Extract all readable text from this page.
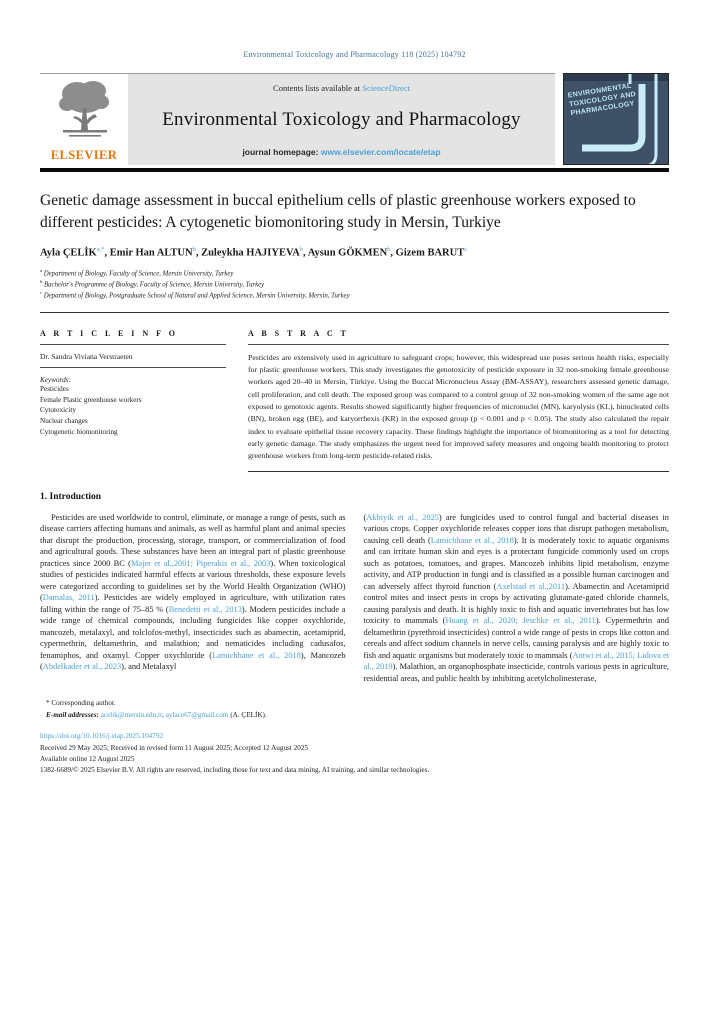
Environmental Toxicology and Pharmacology 118 (2025) 104792
ELSEVIER
Contents lists available at ScienceDirect
Environmental Toxicology and Pharmacology
journal homepage: www.elsevier.com/locate/etap
ENVIRONMENTAL TOXICOLOGY AND PHARMACOLOGY
Genetic damage assessment in buccal epithelium cells of plastic greenhouse workers exposed to different pesticides: A cytogenetic biomonitoring study in Mersin, Turkiye
Ayla $ÇELİK^{a,*}$, Emir Han ALTUN$^b$, Zuleykha HAJIYEVA$^b$, Aysun GÖKMEN$^b$, Gizem BARUT$^c$
$^a$ Department of Biology, Faculty of Science, Mersin University, Turkey
$^b$ Bachelor's Programme of Biology, Faculty of Science, Mersin University, Turkey
$^c$ Department of Biology, Postgraduate School of Natural and Applied Science, Mersin University, Mersin, Turkey
A R T I C L E I N F O
Dr. Sandra Viviana Verstraeten
Keywords:
Pesticides
Female Plastic greenhouse workers
Cytotoxicity
Nuclear changes
Cytogenetic biomonitoring
A B S T R A C T

Pesticides are extensively used in agriculture to safeguard crops; however, this widespread use poses serious health risks, especially for plastic greenhouse workers. This study investigates the genotoxicity of pesticide exposure in 32 non-smoking female greenhouse workers aged 20–40 in Mersin, Türkiye. Using the Buccal Micronucleus Assay (BM-ASSAY), researchers assessed genetic damage, cell proliferation, and cell death. The exposed group was compared to a control group of 32 non-smoking women of the same age not exposed to genotoxic agents. Results showed significantly higher frequencies of micronuclei (MN), karyolysis (KL), binucleated cells (BN), broken egg (BE), and karyorrhexis (KR) in the exposed group (p < 0.001 and p < 0.05). The study also calculated the repair index to evaluate epithelial tissue recovery capacity. These findings highlight the importance of biomonitoring as a tool for detecting early genetic damage. The study emphasizes the urgent need for improved safety measures and ongoing health monitoring to protect greenhouse workers from long-term pesticide-related risks.

1. Introduction

Pesticides are used worldwide to control, eliminate, or manage a range of pests, such as disease carriers affecting humans and animals, as well as harmful plant and animal species that disrupt the production, processing, storage, transport, or commercialization of food and agricultural goods. These substances have been an integral part of plastic greenhouse practices since 2000 BC (Majer et al.,2001; Piperakis et al., 2003). When toxicological studies of pesticides indicated harmful effects at various thresholds, these exposure levels were categorized according to guidelines set by the World Health Organization (WHO) (Damalas, 2011). Pesticides are widely employed in agriculture, with utilization rates falling within the range of 75–85 % (Benedetti et al., 2013). Modern pesticides include a wide range of chemical compounds, including fungicides like copper oxychloride, mancozeb, metalaxyl, and tolclofos-methyl, insecticides such as abamectin, acetamiprid, cypermethrin, deltamethrin, and malathion; and nematicides including cadusafos, fenamiphos, and oxamyl. Copper oxychloride (Lamichhane et al., 2018), Mancozeb (Abdelkader et al., 2023), and Metalaxyl

(Akbiyik et al., 2025) are fungicides used to control fungal and bacterial diseases in various crops. Copper oxychloride releases copper ions that disrupt pathogen metabolism, causing cell death (Lamichhane et al., 2018). It is moderately toxic to aquatic organisms and can irritate human skin and eyes is a protectant fungicide commonly used on crops such as potatoes, tomatoes, and grapes. Mancozeb inhibits lipid metabolism, enzyme activity, and ATP production in fungi and is classified as a possible human carcinogen and can adversely affect thyroid function (Axelstad et al.,2011). Abamectin and Acetamiprid control mites and insect pests in crops by activating glutamate-gated chloride channels, causing paralysis and death. It is highly toxic to fish and aquatic invertebrates but has low toxicity to mammals (Huang et al., 2020; Jeschke et al., 2011). Cypermethrin and deltamethrin (pyrethroid insecticides) control a wide range of pests in crops like cotton and cereals and affect sodium channels in nerve cells, causing paralysis and are highly toxic to fish and aquatic organisms but moderately toxic to mammals (Antwi et al., 2015; Lidova et al., 2019). Malathion, an organophosphate insecticide, controls various pests in agriculture, residential areas, and public health by inhibiting acetylcholinesterase,

* Corresponding author.
E-mail addresses: acelik@mersin.edu.tr, aylace67@gmail.com (A. ÇELİK).
https://doi.org/10.1016/j.etap.2025.104792
Received 29 May 2025; Received in revised form 11 August 2025; Accepted 12 August 2025
Available online 12 August 2025
1382-6689/© 2025 Elsevier B.V. All rights are reserved, including those for text and data mining, AI training, and similar technologies.
